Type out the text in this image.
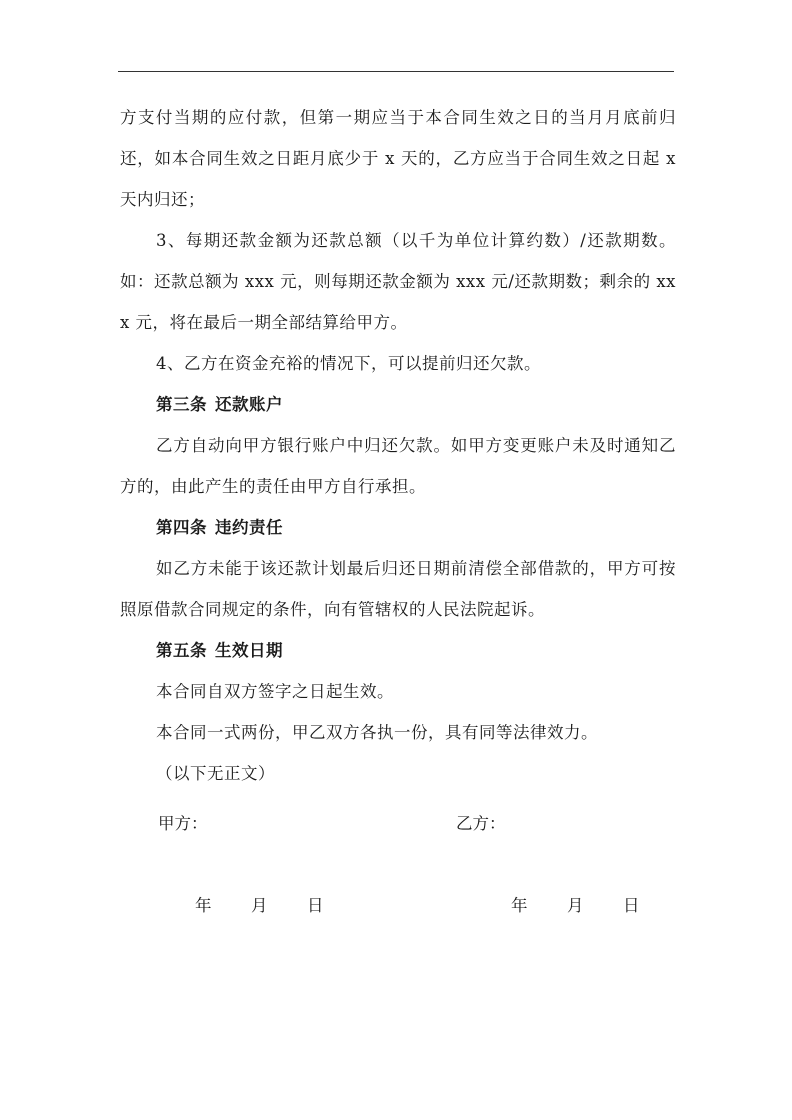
方支付当期的应付款，但第一期应当于本合同生效之日的当月月底前归还，如本合同生效之日距月底少于 x 天的，乙方应当于合同生效之日起 x 天内归还；

3、每期还款金额为还款总额（以千为单位计算约数）/还款期数。如：还款总额为 xxx 元，则每期还款金额为 xxx 元/还款期数；剩余的 xxx 元，将在最后一期全部结算给甲方。

4、乙方在资金充裕的情况下，可以提前归还欠款。

第三条 还款账户

乙方自动向甲方银行账户中归还欠款。如甲方变更账户未及时通知乙方的，由此产生的责任由甲方自行承担。

第四条 违约责任

如乙方未能于该还款计划最后归还日期前清偿全部借款的，甲方可按照原借款合同规定的条件，向有管辖权的人民法院起诉。

第五条 生效日期

本合同自双方签字之日起生效。

本合同一式两份，甲乙双方各执一份，具有同等法律效力。

（以下无正文）

甲方：	乙方：
年 月 日	年 月 日
